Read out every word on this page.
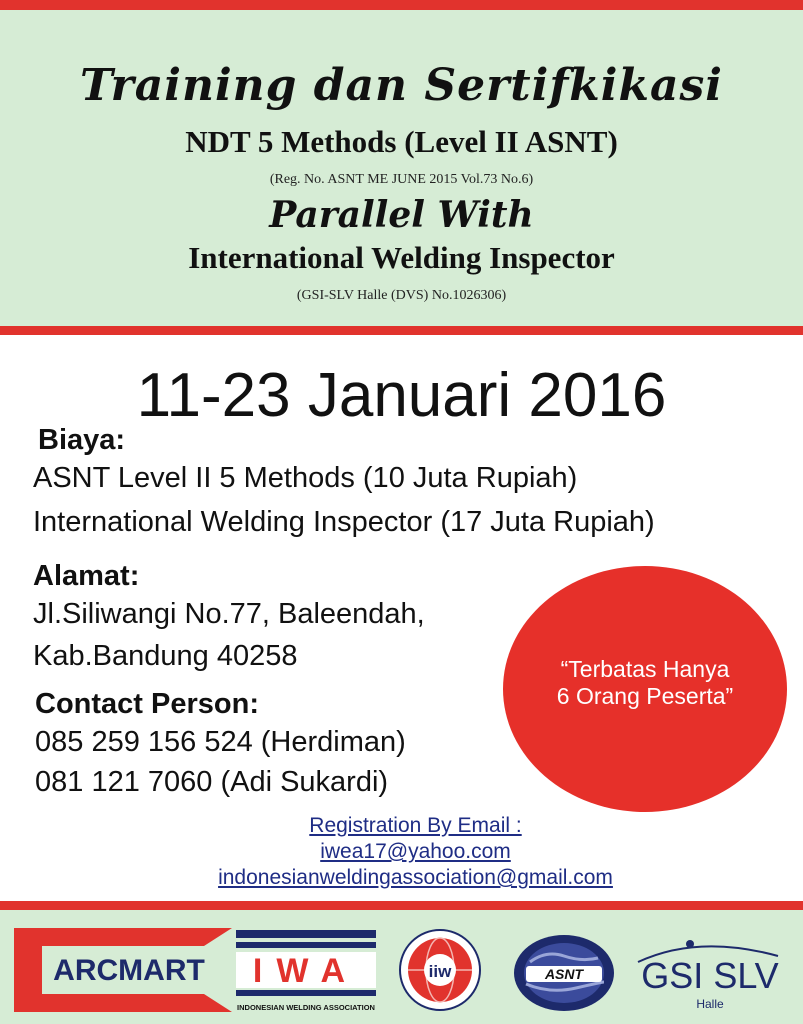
Training dan Sertifkikasi
NDT 5 Methods (Level II ASNT)
(Reg. No. ASNT ME JUNE 2015 Vol.73 No.6)
Parallel With
International Welding Inspector
(GSI-SLV Halle (DVS) No.1026306)
11-23 Januari 2016
Biaya:
ASNT Level II 5 Methods (10 Juta Rupiah)
International Welding Inspector (17 Juta Rupiah)
Alamat:
Jl.Siliwangi No.77, Baleendah,
Kab.Bandung 40258
Contact Person:
085 259 156 524 (Herdiman)
081 121 7060 (Adi Sukardi)
“Terbatas Hanya
6 Orang Peserta”
Registration By Email :
iwea17@yahoo.com
indonesianweldingassociation@gmail.com
ARCMART IWA
INDONESIAN WELDING ASSOCIATION
iiw	ASNT GSI SLV
Halle
